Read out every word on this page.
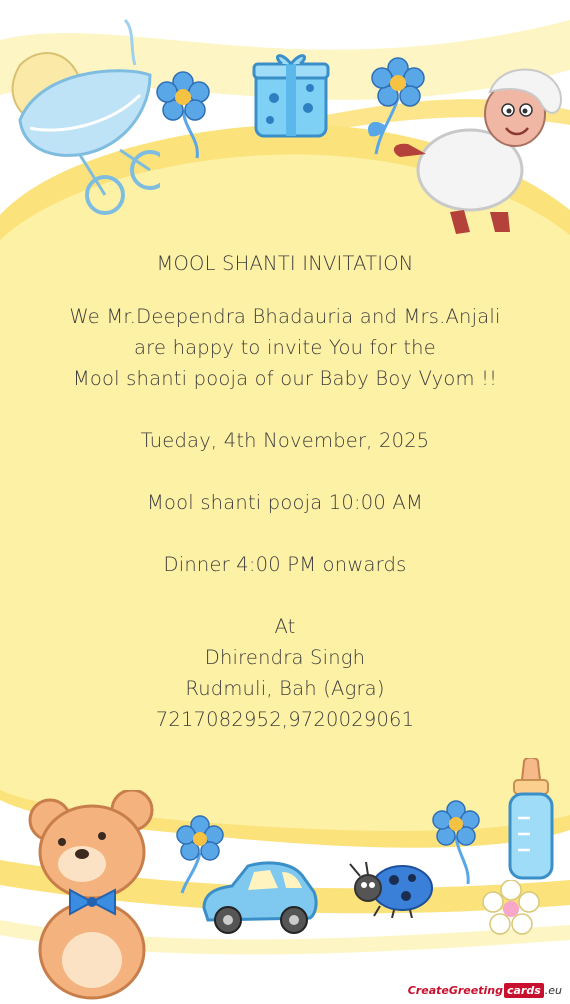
MOOL SHANTI INVITATION
We Mr.Deependra Bhadauria and Mrs.Anjali
are happy to invite You for the
Mool shanti pooja of our Baby Boy Vyom !!
Tueday, 4th November, 2025
Mool shanti pooja 10:00 AM
Dinner 4:00 PM onwards
At
Dhirendra Singh
Rudmuli, Bah (Agra)
7217082952,9720029061
CreateGreeting cards .eu
